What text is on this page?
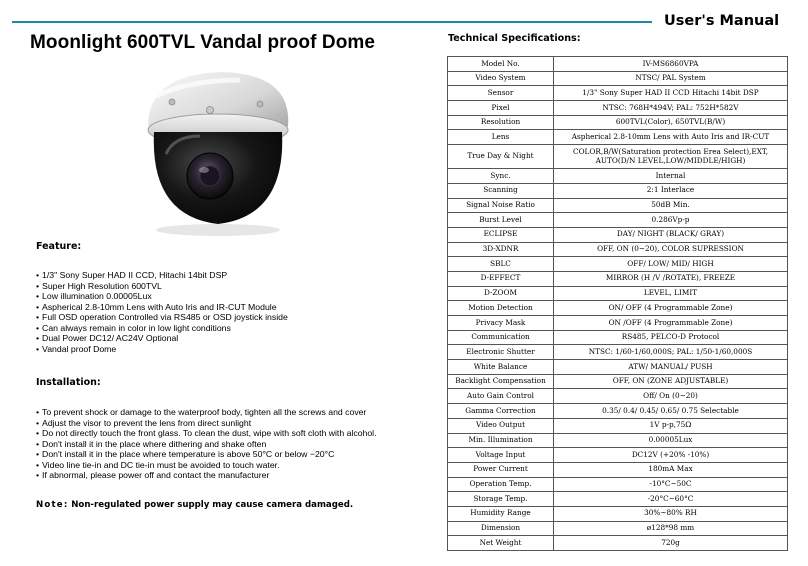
User's Manual
Moonlight 600TVL Vandal proof Dome
Feature:
• 1/3" Sony Super HAD II CCD, Hitachi 14bit DSP
• Super High Resolution 600TVL
• Low illumination 0.00005Lux
• Aspherical 2.8-10mm Lens with Auto Iris and IR-CUT Module
• Full OSD operation Controlled via RS485 or OSD joystick inside
• Can always remain in color in low light conditions
• Dual Power DC12/ AC24V Optional
• Vandal proof Dome
Installation:
• To prevent shock or damage to the waterproof body, tighten all the screws and cover
• Adjust the visor to prevent the lens from direct sunlight
• Do not directly touch the front glass. To clean the dust, wipe with soft cloth with alcohol.
• Don't install it in the place where dithering and shake often
• Don't install it in the place where temperature is above 50°C or below −20°C
• Video line tie-in and DC tie-in must be avoided to touch water.
• If abnormal, please power off and contact the manufacturer
Note: Non-regulated power supply may cause camera damaged.
Technical Specifications:
Model No.	IV-MS6860VPA
Video System	NTSC/ PAL System
Sensor	1/3" Sony Super HAD II CCD Hitachi 14bit DSP
Pixel	NTSC: 768H*494V; PAL: 752H*582V
Resolution	600TVL(Color), 650TVL(B/W)
Lens	Aspherical 2.8-10mm Lens with Auto Iris and IR-CUT
True Day & Night	COLOR,B/W(Saturation protection Erea Select),EXT,
AUTO(D/N LEVEL,LOW/MIDDLE/HIGH)
Sync.	Internal
Scanning	2:1 Interlace
Signal Noise Ratio	50dB Min.
Burst Level	0.286Vp-p
ECLIPSE	DAY/ NIGHT (BLACK/ GRAY)
3D-XDNR	OFF, ON (0~20), COLOR SUPRESSION
SBLC	OFF/ LOW/ MID/ HIGH
D-EFFECT	MIRROR (H /V /ROTATE), FREEZE
D-ZOOM	LEVEL, LIMIT
Motion Detection	ON/ OFF (4 Programmable Zone)
Privacy Mask	ON /OFF (4 Programmable Zone)
Communication	RS485, PELCO-D Protocol
Electronic Shutter	NTSC: 1/60-1/60,000S; PAL: 1/50-1/60,000S
White Balance	ATW/ MANUAL/ PUSH
Backlight Compensation	OFF, ON (ZONE ADJUSTABLE)
Auto Gain Control	Off/ On (0~20)
Gamma Correction	0.35/ 0.4/ 0.45/ 0.65/ 0.75 Selectable
Video Output	1V p-p,75Ω
Min. Illumination	0.00005Lux
Voltage Input	DC12V (+20% -10%)
Power Current	180mA Max
Operation Temp.	-10°C~50C
Storage Temp.	-20°C~60°C
Humidity Range	30%~80% RH
Dimension	ø128*98 mm
Net Weight	720g
